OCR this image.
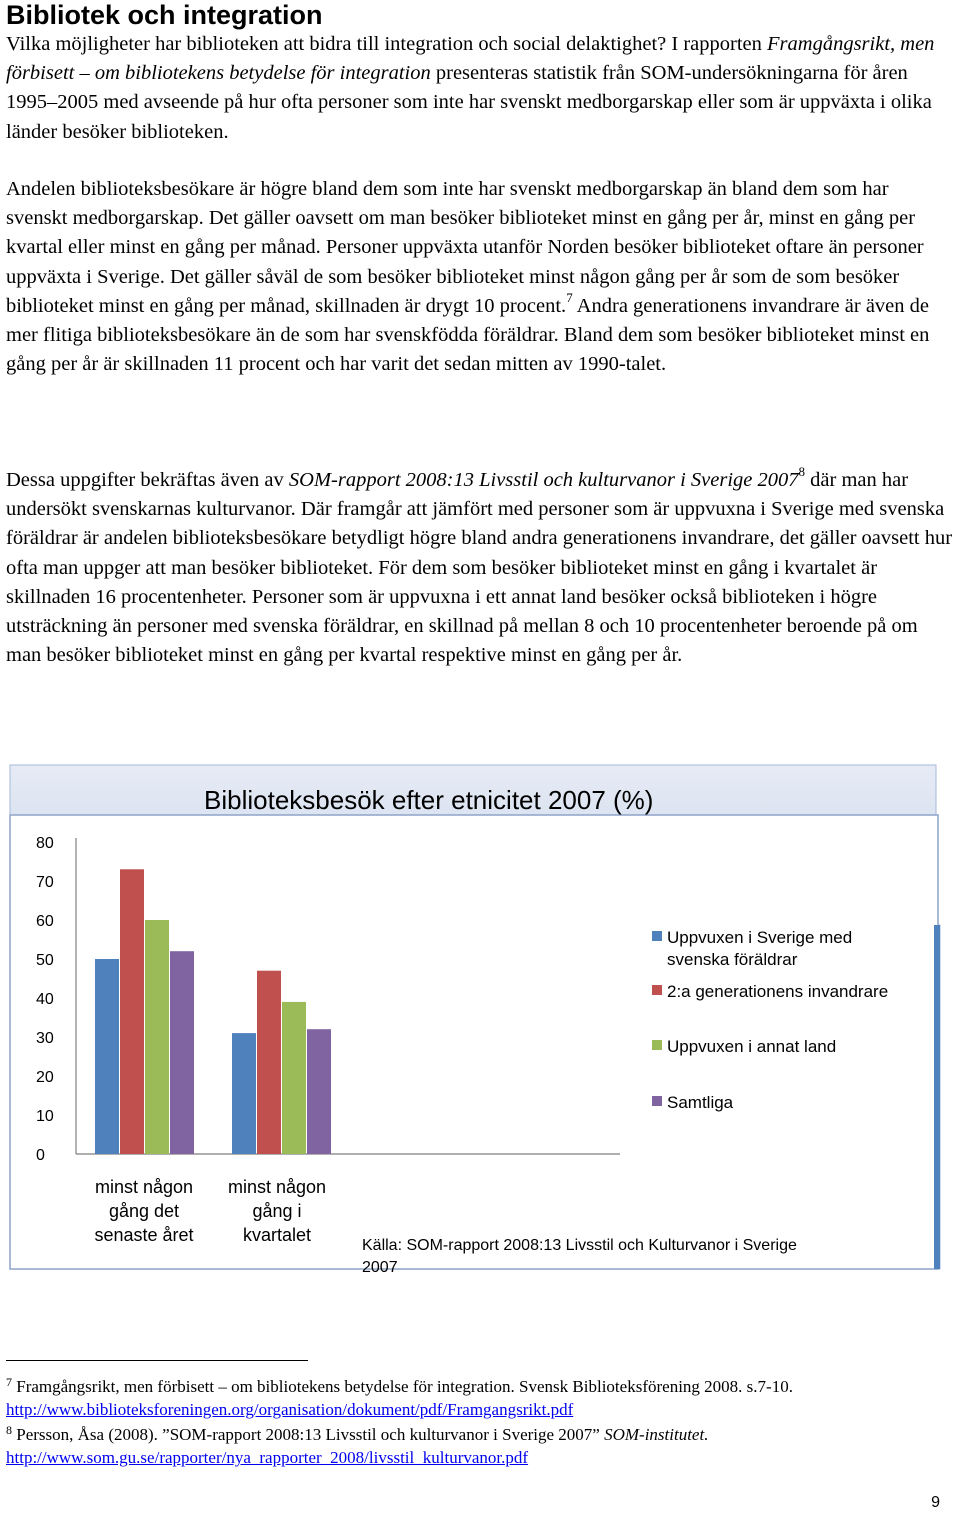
Bibliotek och integration

Vilka möjligheter har biblioteken att bidra till integration och social delaktighet? I rapporten Framgångsrikt, men förbisett – om bibliotekens betydelse för integration presenteras statistik från SOM-undersökningarna för åren 1995–2005 med avseende på hur ofta personer som inte har svenskt medborgarskap eller som är uppväxta i olika länder besöker biblioteken.

Andelen biblioteksbesökare är högre bland dem som inte har svenskt medborgarskap än bland dem som har svenskt medborgarskap. Det gäller oavsett om man besöker biblioteket minst en gång per år, minst en gång per kvartal eller minst en gång per månad. Personer uppväxta utanför Norden besöker biblioteket oftare än personer uppväxta i Sverige. Det gäller såväl de som besöker biblioteket minst någon gång per år som de som besöker biblioteket minst en gång per månad, skillnaden är drygt 10 procent.$^7$ Andra generationens invandrare är även de mer flitiga biblioteksbesökare än de som har svenskfödda föräldrar. Bland dem som besöker biblioteket minst en gång per år är skillnaden 11 procent och har varit det sedan mitten av 1990-talet.

Dessa uppgifter bekräftas även av SOM-rapport 2008:13 Livsstil och kulturvanor i Sverige 2007$^8$ där man har undersökt svenskarnas kulturvanor. Där framgår att jämfört med personer som är uppvuxna i Sverige med svenska föräldrar är andelen biblioteksbesökare betydligt högre bland andra generationens invandrare, det gäller oavsett hur ofta man uppger att man besöker biblioteket. För dem som besöker biblioteket minst en gång i kvartalet är skillnaden 16 procentenheter. Personer som är uppvuxna i ett annat land besöker också biblioteken i högre utsträckning än personer med svenska föräldrar, en skillnad på mellan 8 och 10 procentenheter beroende på om man besöker biblioteket minst en gång per kvartal respektive minst en gång per år.

0
10
20
30
40
50
60
70
80
minst någon
gång det
senaste året
minst någon
gång i
kvartalet
Uppvuxen i Sverige med
svenska föräldrar
2:a generationens invandrare
Uppvuxen i annat land
Samtliga
Källa: SOM-rapport 2008:13 Livsstil och Kulturvanor i Sverige
2007
Biblioteksbesök efter etnicitet 2007 (%)

$^7$ Framgångsrikt, men förbisett – om bibliotekens betydelse för integration. Svensk Biblioteksförening 2008. s.7-10. http://www.biblioteksforeningen.org/organisation/dokument/pdf/Framgangsrikt.pdf

$^8$ Persson, Åsa (2008). ”SOM-rapport 2008:13 Livsstil och kulturvanor i Sverige 2007” SOM-institutet.
http://www.som.gu.se/rapporter/nya_rapporter_2008/livsstil_kulturvanor.pdf

9
